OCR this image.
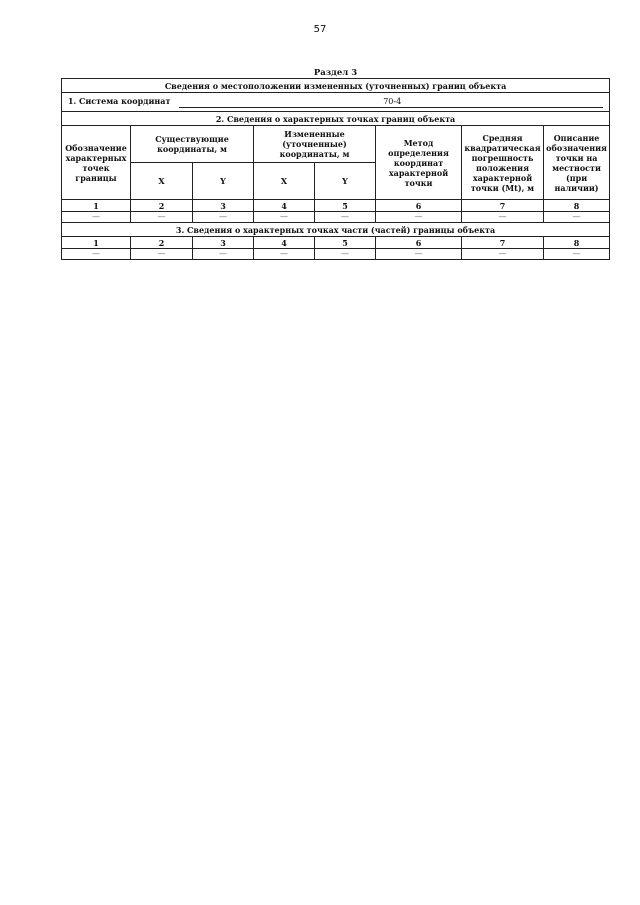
57
Раздел 3
Сведения о местоположении измененных (уточненных) границ объекта							
1. Система координат 70-4							
2. Сведения о характерных точках границ объекта							
Обозначение характерных точек границы	Существующие координаты, м		Измененные (уточненные) координаты, м		Метод определения координат характерной точки	Средняя квадратическая погрешность положения характерной точки (Mt), м	Описание обозначения точки на местности (при наличии)
	X	Y	X	Y			
1	2	3	4	5	6	7	8
—	—	—	—	—	—	—	—
3. Сведения о характерных точках части (частей) границы объекта							
1	2	3	4	5	6	7	8
—	—	—	—	—	—	—	—
